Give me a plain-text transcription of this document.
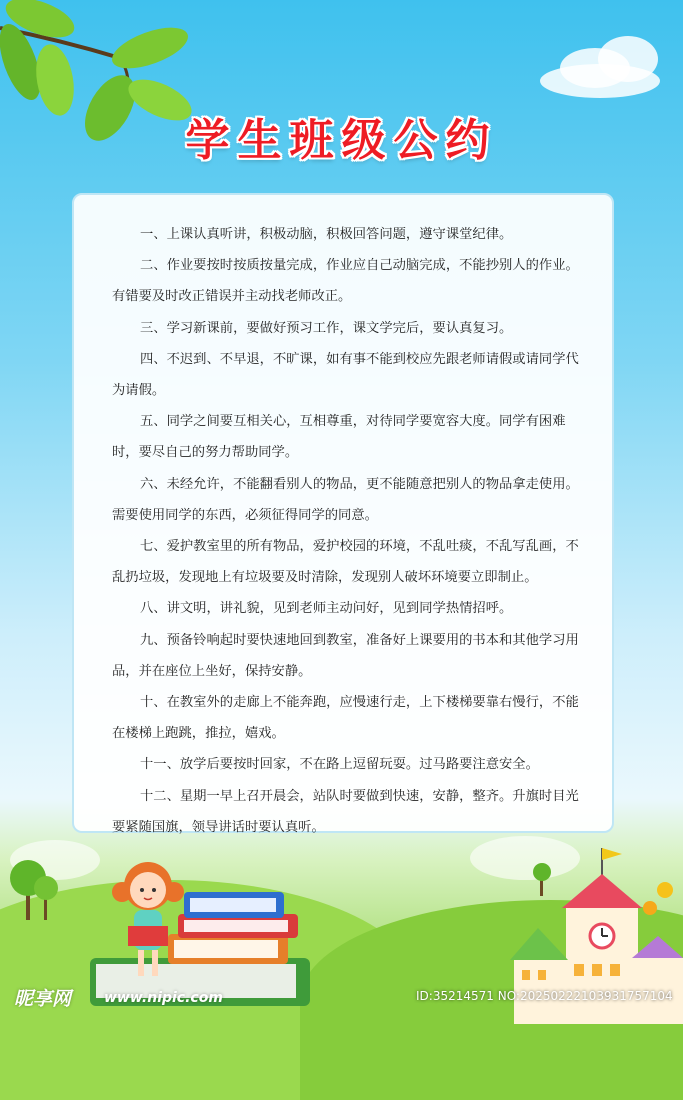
学生班级公约

一、上课认真听讲，积极动脑，积极回答问题，遵守课堂纪律。

二、作业要按时按质按量完成，作业应自己动脑完成，不能抄别人的作业。

有错要及时改正错误并主动找老师改正。

三、学习新课前，要做好预习工作，课文学完后，要认真复习。

四、不迟到、不早退，不旷课，如有事不能到校应先跟老师请假或请同学代

为请假。

五、同学之间要互相关心，互相尊重，对待同学要宽容大度。同学有困难

时，要尽自己的努力帮助同学。

六、未经允许，不能翻看别人的物品，更不能随意把别人的物品拿走使用。

需要使用同学的东西，必须征得同学的同意。

七、爱护教室里的所有物品，爱护校园的环境，不乱吐痰，不乱写乱画，不

乱扔垃圾，发现地上有垃圾要及时清除，发现别人破坏环境要立即制止。

八、讲文明，讲礼貌，见到老师主动问好，见到同学热情招呼。

九、预备铃响起时要快速地回到教室，准备好上课要用的书本和其他学习用

品，并在座位上坐好，保持安静。

十、在教室外的走廊上不能奔跑，应慢速行走，上下楼梯要靠右慢行，不能

在楼梯上跑跳，推拉，嬉戏。

十一、放学后要按时回家，不在路上逗留玩耍。过马路要注意安全。

十二、星期一早上召开晨会，站队时要做到快速，安静，整齐。升旗时目光

要紧随国旗，领导讲话时要认真听。

昵享网 www.nipic.com	ID:35214571 NO:20250222103931757104
